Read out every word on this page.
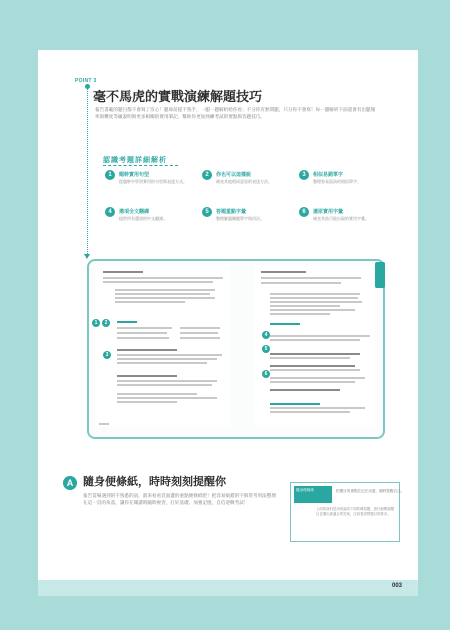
POINT 3
毫不馬虎的實戰演練解題技巧
報告書範的題目都不會寫了沒心！題庫前提不熟手，一題一題解析給你看；不分你有無問題，只分你不會寫！每一題解析下面還會有出題頻率與難度等級說明與更多相關的實用筆記，幫助你更加熟練考試的要點與答題技巧。
認識考題詳細解析
1	題幹實用句型
從題幹中學習實用的句型與表達方式。
2	你也可以這樣說
補充其他相同意思的表達方法。
3	相似易錯單字
整理容易混淆的相似單字。
4	選項全文翻譯
提供所有選項的中文翻譯。
5	答題重點字彙
整理解題關鍵單字與用法。
6	還原實用字彙
補充其他可能出現的實用字彙。
1	2
3
4
5
6
A 隨身便條紙，時時刻刻提醒你
報告當場遇到的不熟悉的詞，就來看看頁面邊的重點便條紙吧！把容易搞錯的字與常考用法整理在這一頁的角落，讓你在閱讀時隨時複習，打好基礎、加強記憶，自信迎戰考試！
隨身便條紙	把題目的重點註記在這邊，隨時提醒自己。
上面的資料是用來說明下面的練習題，請仔細閱讀題目並選出最適合的答案，注意看清楚題目的要求。
003
